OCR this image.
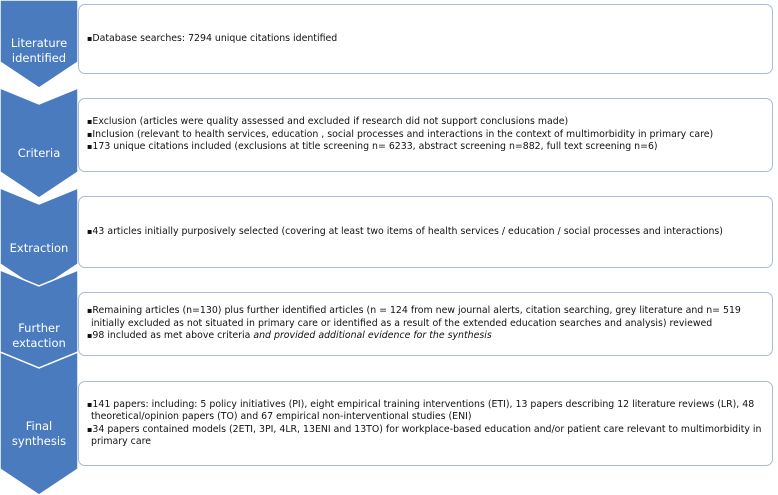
Literature
identified

▪ Database searches: 7294 unique citations identified

Criteria

▪ Exclusion (articles were quality assessed and excluded if research did not support conclusions made)

▪ Inclusion (relevant to health services, education , social processes and interactions in the context of multimorbidity in primary care)

▪ 173 unique citations included (exclusions at title screening n= 6233, abstract screening n=882, full text screening n=6)

Extraction

▪ 43 articles initially purposively selected (covering at least two items of health services / education / social processes and interactions)

Further
extaction

▪ Remaining articles (n=130) plus further identified articles (n = 124 from new journal alerts, citation searching, grey literature and n= 519 initially excluded as not situated in primary care or identified as a result of the extended education searches and analysis) reviewed

▪ 98 included as met above criteria and provided additional evidence for the synthesis

Final
synthesis

▪ 141 papers: including: 5 policy initiatives (PI), eight empirical training interventions (ETI), 13 papers describing 12 literature reviews (LR), 48 theoretical/opinion papers (TO) and 67 empirical non-interventional studies (ENI)

▪ 34 papers contained models (2ETI, 3PI, 4LR, 13ENI and 13TO) for workplace-based education and/or patient care relevant to multimorbidity in primary care
